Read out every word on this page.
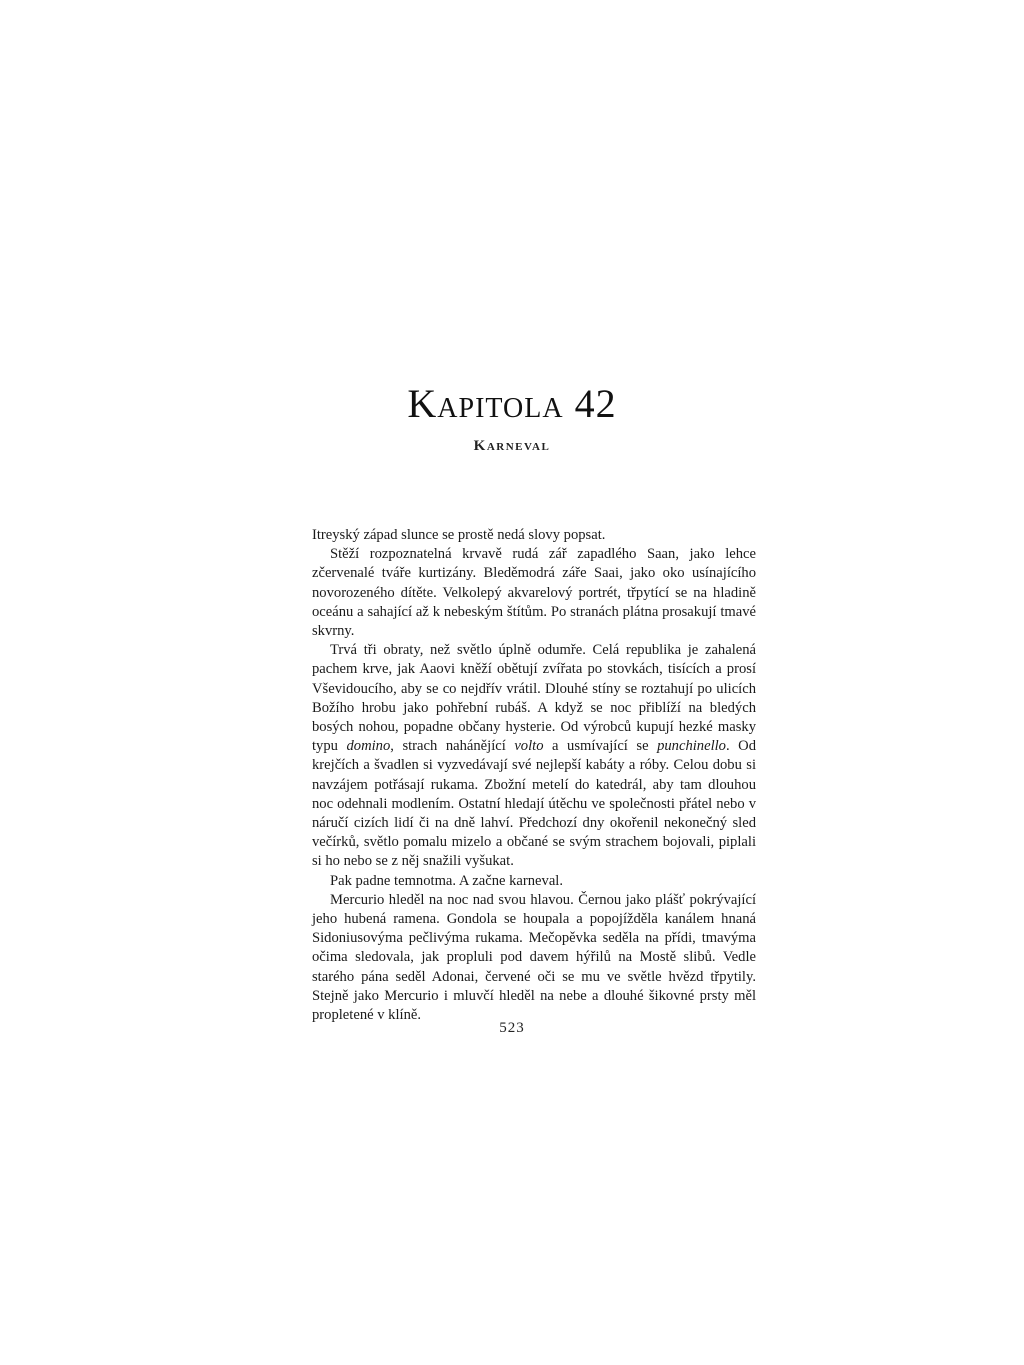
Kapitola 42
Karneval

Itreyský západ slunce se prostě nedá slovy popsat.

Stěží rozpoznatelná krvavě rudá zář zapadlého Saan, jako lehce zčervenalé tváře kurtizány. Bleděmodrá záře Saai, jako oko usínajícího novorozeného dítěte. Velkolepý akvarelový portrét, třpytící se na hladině oceánu a sahající až k nebeským štítům. Po stranách plátna prosakují tmavé skvrny.

Trvá tři obraty, než světlo úplně odumře. Celá republika je zahalená pachem krve, jak Aaovi kněží obětují zvířata po stovkách, tisících a prosí Vševidoucího, aby se co nejdřív vrátil. Dlouhé stíny se roztahují po ulicích Božího hrobu jako pohřební rubáš. A když se noc přiblíží na bledých bosých nohou, popadne občany hysterie. Od výrobců kupují hezké masky typu domino, strach nahánějící volto a usmívající se punchinello. Od krejčích a švadlen si vyzvedávají své nejlepší kabáty a róby. Celou dobu si navzájem potřásají rukama. Zbožní metelí do katedrál, aby tam dlouhou noc odehnali modlením. Ostatní hledají útěchu ve společnosti přátel nebo v náručí cizích lidí či na dně lahví. Předchozí dny okořenil nekonečný sled večírků, světlo pomalu mizelo a občané se svým strachem bojovali, piplali si ho nebo se z něj snažili vyšukat.

Pak padne temnotma. A začne karneval.

Mercurio hleděl na noc nad svou hlavou. Černou jako plášť pokrývající jeho hubená ramena. Gondola se houpala a popojížděla kanálem hnaná Sidoniusovýma pečlivýma rukama. Mečopěvka seděla na přídi, tmavýma očima sledovala, jak propluli pod davem hýřilů na Mostě slibů. Vedle starého pána seděl Adonai, červené oči se mu ve světle hvězd třpytily. Stejně jako Mercurio i mluvčí hleděl na nebe a dlouhé šikovné prsty měl propletené v klíně.

523
